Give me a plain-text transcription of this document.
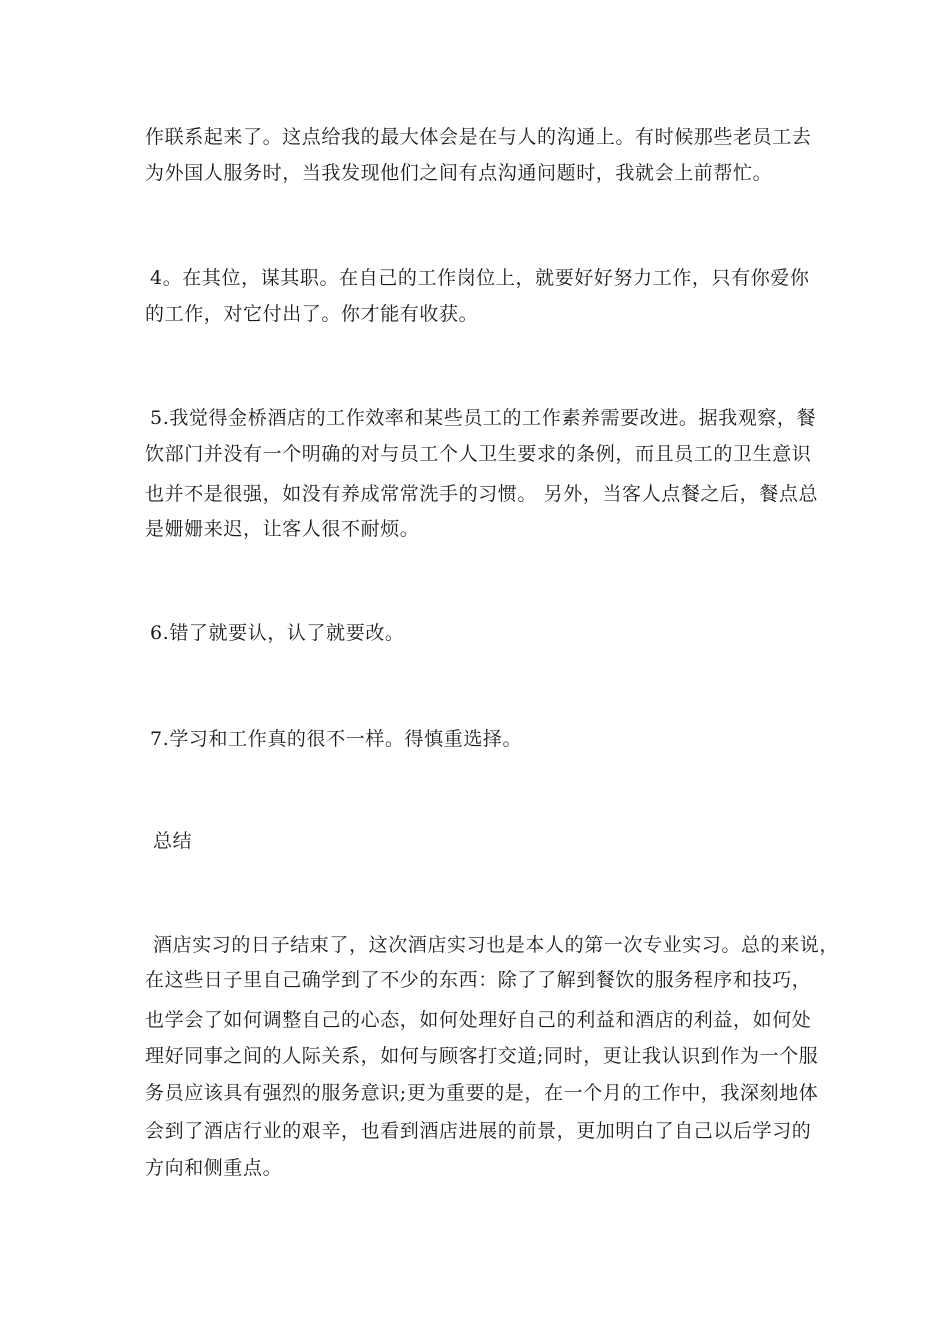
作联系起来了。这点给我的最大体会是在与人的沟通上。有时候那些老员工去
为外国人服务时，当我发现他们之间有点沟通问题时，我就会上前帮忙。
4。在其位，谋其职。在自己的工作岗位上，就要好好努力工作，只有你爱你
的工作，对它付出了。你才能有收获。
5.我觉得金桥酒店的工作效率和某些员工的工作素养需要改进。据我观察，餐
饮部门并没有一个明确的对与员工个人卫生要求的条例，而且员工的卫生意识
也并不是很强，如没有养成常常洗手的习惯。 另外，当客人点餐之后，餐点总
是姗姗来迟，让客人很不耐烦。
6.错了就要认，认了就要改。
7.学习和工作真的很不一样。得慎重选择。
总结
酒店实习的日子结束了，这次酒店实习也是本人的第一次专业实习。总的来说，
在这些日子里自己确学到了不少的东西：除了了解到餐饮的服务程序和技巧，
也学会了如何调整自己的心态，如何处理好自己的利益和酒店的利益，如何处
理好同事之间的人际关系，如何与顾客打交道;同时，更让我认识到作为一个服
务员应该具有强烈的服务意识;更为重要的是，在一个月的工作中，我深刻地体
会到了酒店行业的艰辛，也看到酒店进展的前景，更加明白了自己以后学习的
方向和侧重点。
